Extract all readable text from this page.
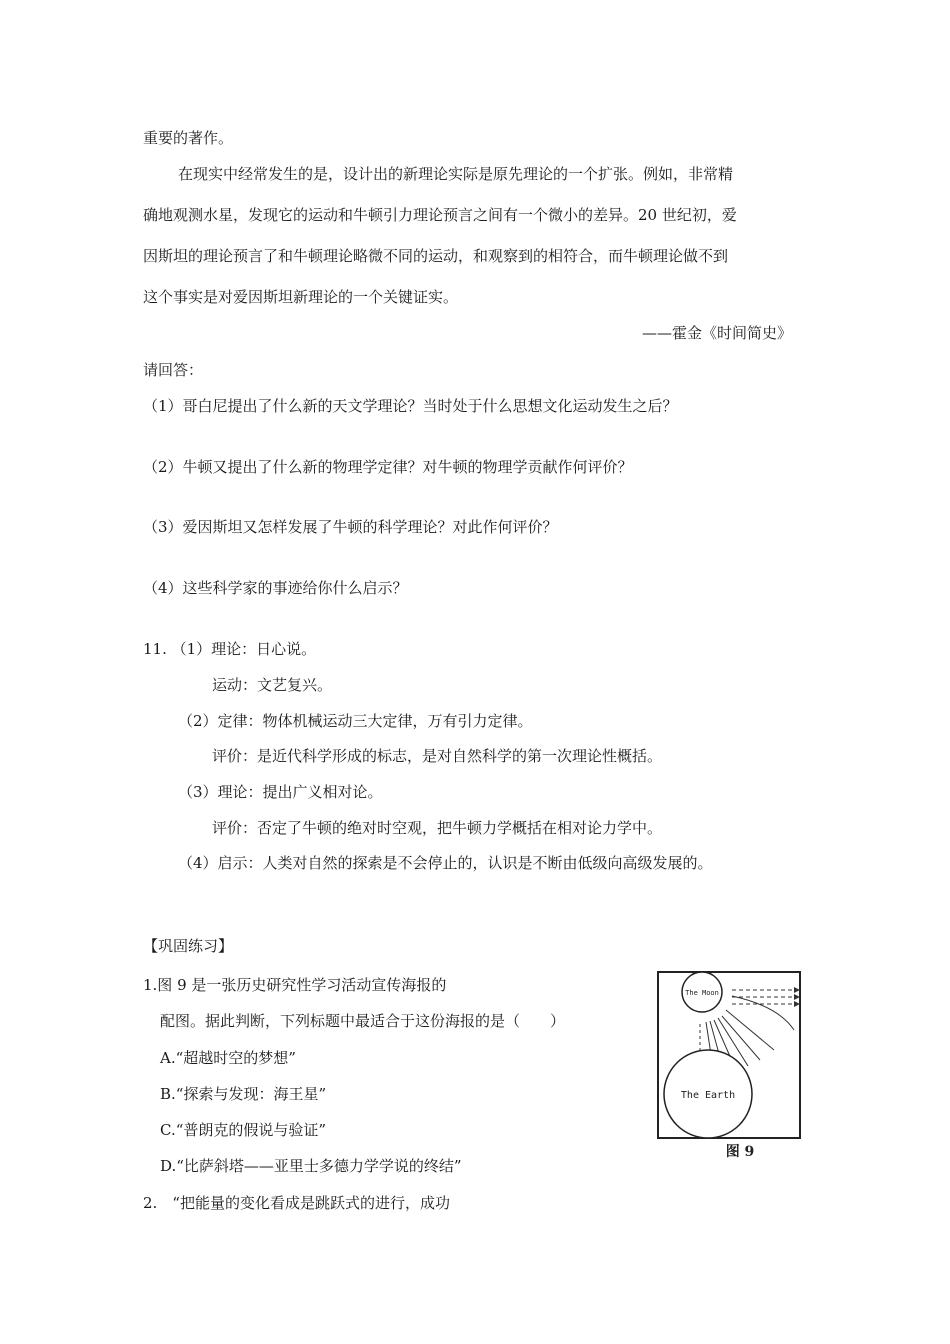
重要的著作。
在现实中经常发生的是，设计出的新理论实际是原先理论的一个扩张。例如，非常精
确地观测水星，发现它的运动和牛顿引力理论预言之间有一个微小的差异。20 世纪初，爱
因斯坦的理论预言了和牛顿理论略微不同的运动，和观察到的相符合，而牛顿理论做不到
这个事实是对爱因斯坦新理论的一个关键证实。
——霍金《时间简史》
请回答：
（1）哥白尼提出了什么新的天文学理论？当时处于什么思想文化运动发生之后？
（2）牛顿又提出了什么新的物理学定律？对牛顿的物理学贡献作何评价？
（3）爱因斯坦又怎样发展了牛顿的科学理论？对此作何评价？
（4）这些科学家的事迹给你什么启示？
11. （1）理论：日心说。
运动：文艺复兴。
（2）定律：物体机械运动三大定律，万有引力定律。
评价：是近代科学形成的标志，是对自然科学的第一次理论性概括。
（3）理论：提出广义相对论。
评价：否定了牛顿的绝对时空观，把牛顿力学概括在相对论力学中。
（4）启示：人类对自然的探索是不会停止的，认识是不断由低级向高级发展的。
【巩固练习】
1.图 9 是一张历史研究性学习活动宣传海报的
配图。据此判断，下列标题中最适合于这份海报的是（　　）
A.“超越时空的梦想”
B.“探索与发现：海王星”
C.“普朗克的假说与验证”
D.“比萨斜塔——亚里士多德力学学说的终结”
2.　“把能量的变化看成是跳跃式的进行，成功
The Moon
The Earth
图 9
